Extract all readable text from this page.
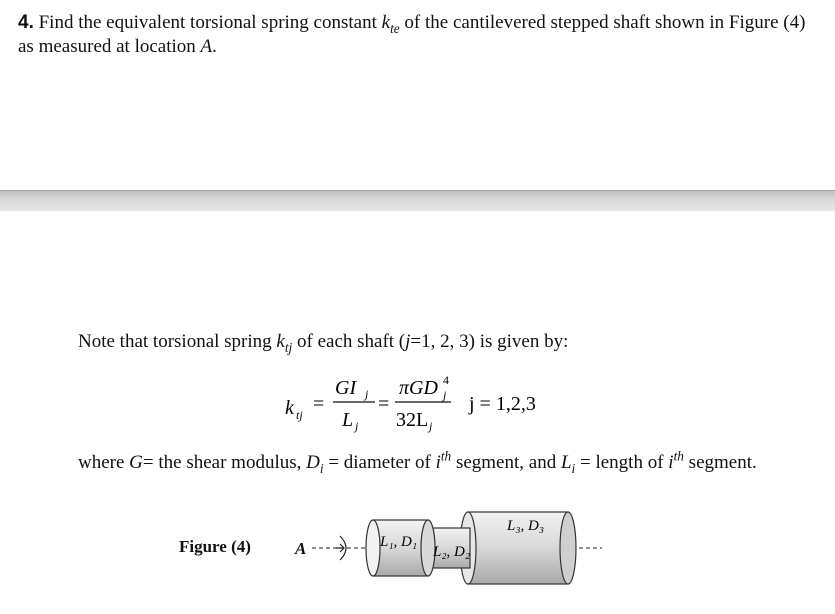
4. Find the equivalent torsional spring constant $k_{te}$ of the cantilevered stepped shaft shown in Figure (4) as measured at location A.
Note that torsional spring $k_{tj}$ of each shaft (j=1, 2, 3) is given by:
k tj =
GI j
L j
=
πGD 4
j
32L j
j = 1,2,3
where G= the shear modulus, $D_i$ = diameter of $i^{th}$ segment, and $L_i$ = length of $i^{th}$ segment.
Figure (4)	A	L₁, D₁
L₂, D₂
L₃, D₃
